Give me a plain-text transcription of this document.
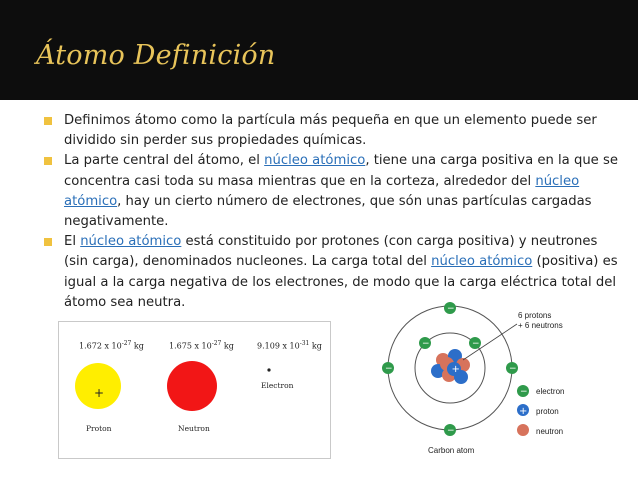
Átomo Definición
Definimos átomo como la partícula más pequeña en que un elemento puede ser dividido sin perder sus propiedades químicas.
La parte central del átomo, el núcleo atómico, tiene una carga positiva en la que se concentra casi toda su masa mientras que en la corteza, alrededor del núcleo atómico, hay un cierto número de electrones, que són unas partículas cargadas negativamente.
El núcleo atómico está constituido por protones (con carga positiva) y neutrones (sin carga), denominados nucleones. La carga total del núcleo atómico (positiva) es igual a la carga negativa de los electrones, de modo que la carga eléctrica total del átomo sea neutra.
1.672 x $10^{-27}$ kg	1.675 x $10^{-27}$ kg	9.109 x $10^{-31}$ kg
+
Proton	Neutron
Electron
+
−
−	−
−	−
−
6 protons
+ 6 neutrons
− electron
+ proton
neutron
Carbon atom
